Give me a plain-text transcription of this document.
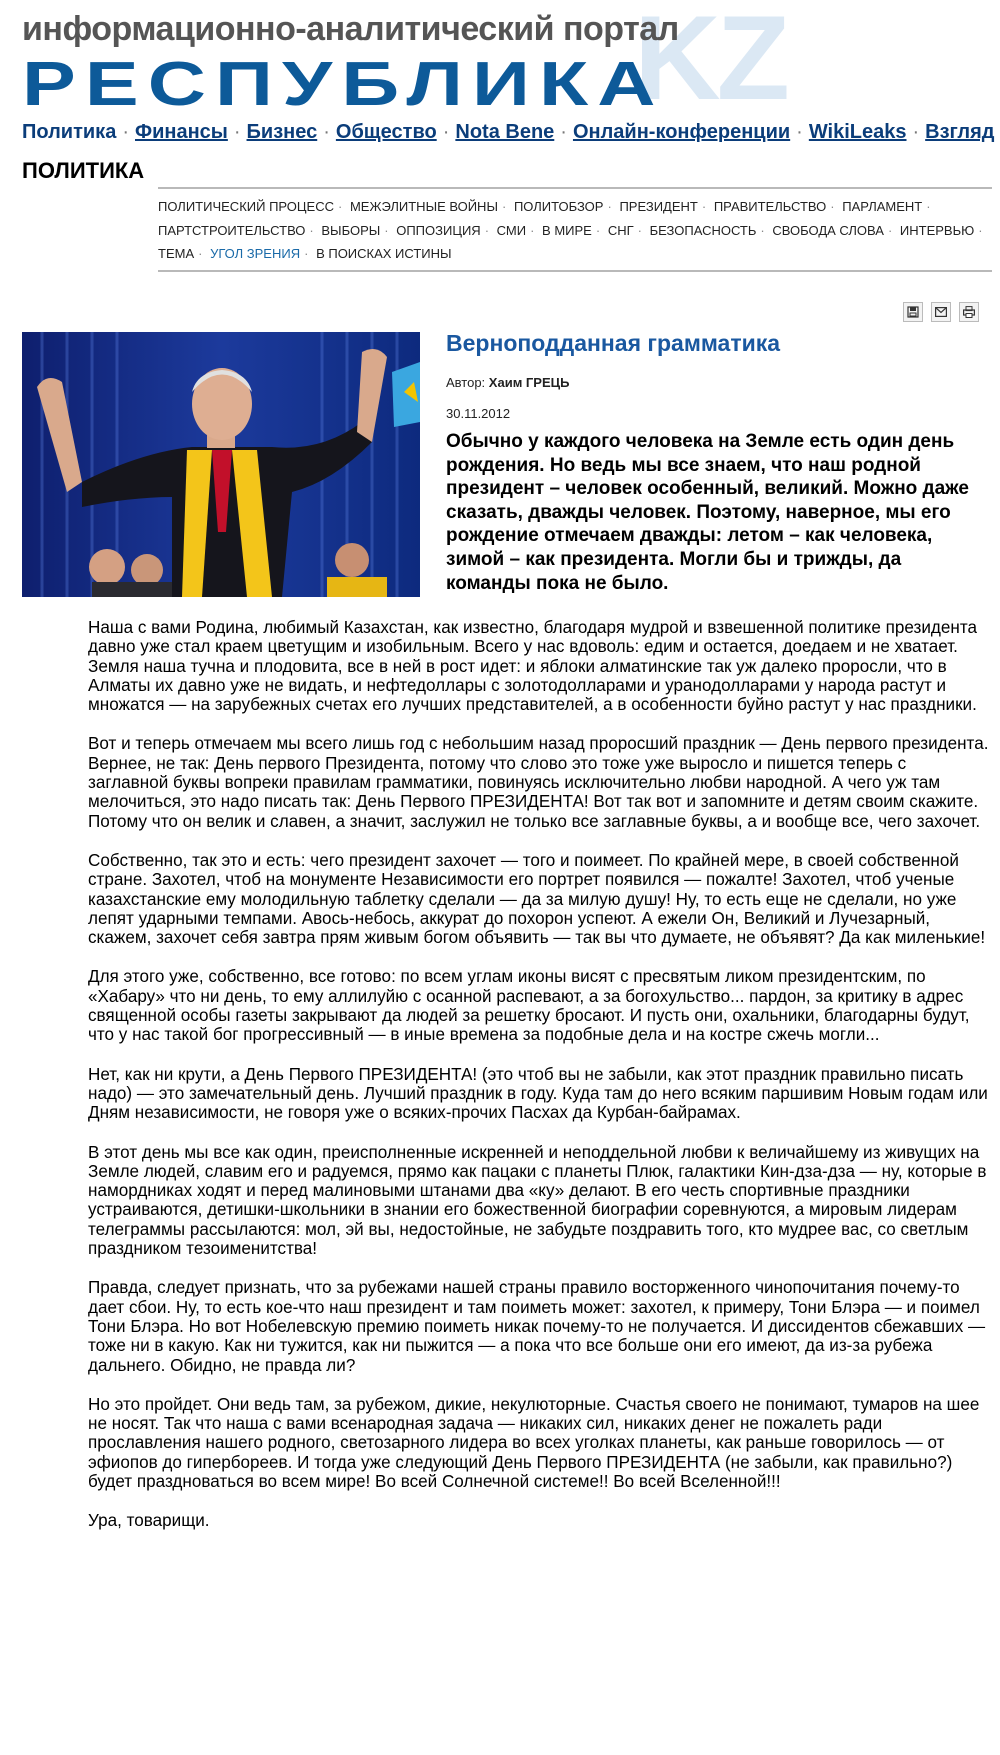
KZ
информационно-аналитический портал
РЕСПУБЛИКА
Политика · Финансы · Бизнес · Общество · Nota Bene · Онлайн-конференции · WikiLeaks · Взгляд
ПОЛИТИКА
ПОЛИТИЧЕСКИЙ ПРОЦЕСС · МЕЖЭЛИТНЫЕ ВОЙНЫ · ПОЛИТОБЗОР · ПРЕЗИДЕНТ · ПРАВИТЕЛЬСТВО · ПАРЛАМЕНТ · ПАРТСТРОИТЕЛЬСТВО · ВЫБОРЫ · ОППОЗИЦИЯ · СМИ · В МИРЕ · СНГ · БЕЗОПАСНОСТЬ · СВОБОДА СЛОВА · ИНТЕРВЬЮ · ТЕМА · УГОЛ ЗРЕНИЯ · В ПОИСКАХ ИСТИНЫ
Верноподданная грамматика
Автор: Хаим ГРЕЦЬ
30.11.2012
Обычно у каждого человека на Земле есть один день рождения. Но ведь мы все знаем, что наш родной президент – человек особенный, великий. Можно даже сказать, дважды человек. Поэтому, наверное, мы его рождение отмечаем дважды: летом – как человека, зимой – как президента. Могли бы и трижды, да команды пока не было.

Наша с вами Родина, любимый Казахстан, как известно, благодаря мудрой и взвешенной политике президента давно уже стал краем цветущим и изобильным. Всего у нас вдоволь: едим и остается, доедаем и не хватает. Земля наша тучна и плодовита, все в ней в рост идет: и яблоки алматинские так уж далеко проросли, что в Алматы их давно уже не видать, и нефтедоллары с золотодолларами и уранодолларами у народа растут и множатся — на зарубежных счетах его лучших представителей, а в особенности буйно растут у нас праздники.

Вот и теперь отмечаем мы всего лишь год с небольшим назад проросший праздник — День первого президента. Вернее, не так: День первого Президента, потому что слово это тоже уже выросло и пишется теперь с заглавной буквы вопреки правилам грамматики, повинуясь исключительно любви народной. А чего уж там мелочиться, это надо писать так: День Первого ПРЕЗИДЕНТА! Вот так вот и запомните и детям своим скажите. Потому что он велик и славен, а значит, заслужил не только все заглавные буквы, а и вообще все, чего захочет.

Собственно, так это и есть: чего президент захочет — того и поимеет. По крайней мере, в своей собственной стране. Захотел, чтоб на монументе Независимости его портрет появился — пожалте! Захотел, чтоб ученые казахстанские ему молодильную таблетку сделали — да за милую душу! Ну, то есть еще не сделали, но уже лепят ударными темпами. Авось-небось, аккурат до похорон успеют. А ежели Он, Великий и Лучезарный, скажем, захочет себя завтра прям живым богом объявить — так вы что думаете, не объявят? Да как миленькие!

Для этого уже, собственно, все готово: по всем углам иконы висят с пресвятым ликом президентским, по «Хабару» что ни день, то ему аллилуйю с осанной распевают, а за богохульство... пардон, за критику в адрес священной особы газеты закрывают да людей за решетку бросают. И пусть они, охальники, благодарны будут, что у нас такой бог прогрессивный — в иные времена за подобные дела и на костре сжечь могли...

Нет, как ни крути, а День Первого ПРЕЗИДЕНТА! (это чтоб вы не забыли, как этот праздник правильно писать надо) — это замечательный день. Лучший праздник в году. Куда там до него всяким паршивим Новым годам или Дням независимости, не говоря уже о всяких-прочих Пасхах да Курбан-байрамах.

В этот день мы все как один, преисполненные искренней и неподдельной любви к величайшему из живущих на Земле людей, славим его и радуемся, прямо как пацаки с планеты Плюк, галактики Кин-дза-дза — ну, которые в намордниках ходят и перед малиновыми штанами два «ку» делают. В его честь спортивные праздники устраиваются, детишки-школьники в знании его божественной биографии соревнуются, а мировым лидерам телеграммы рассылаются: мол, эй вы, недостойные, не забудьте поздравить того, кто мудрее вас, со светлым праздником тезоименитства!

Правда, следует признать, что за рубежами нашей страны правило восторженного чинопочитания почему-то дает сбои. Ну, то есть кое-что наш президент и там поиметь может: захотел, к примеру, Тони Блэра — и поимел Тони Блэра. Но вот Нобелевскую премию поиметь никак почему-то не получается. И диссидентов сбежавших — тоже ни в какую. Как ни тужится, как ни пыжится — а пока что все больше они его имеют, да из-за рубежа дальнего. Обидно, не правда ли?

Но это пройдет. Они ведь там, за рубежом, дикие, некулюторные. Счастья своего не понимают, тумаров на шее не носят. Так что наша с вами всенародная задача — никаких сил, никаких денег не пожалеть ради прославления нашего родного, светозарного лидера во всех уголках планеты, как раньше говорилось — от эфиопов до гипербореев. И тогда уже следующий День Первого ПРЕЗИДЕНТА (не забыли, как правильно?) будет праздноваться во всем мире! Во всей Солнечной системе!! Во всей Вселенной!!!

Ура, товарищи.
